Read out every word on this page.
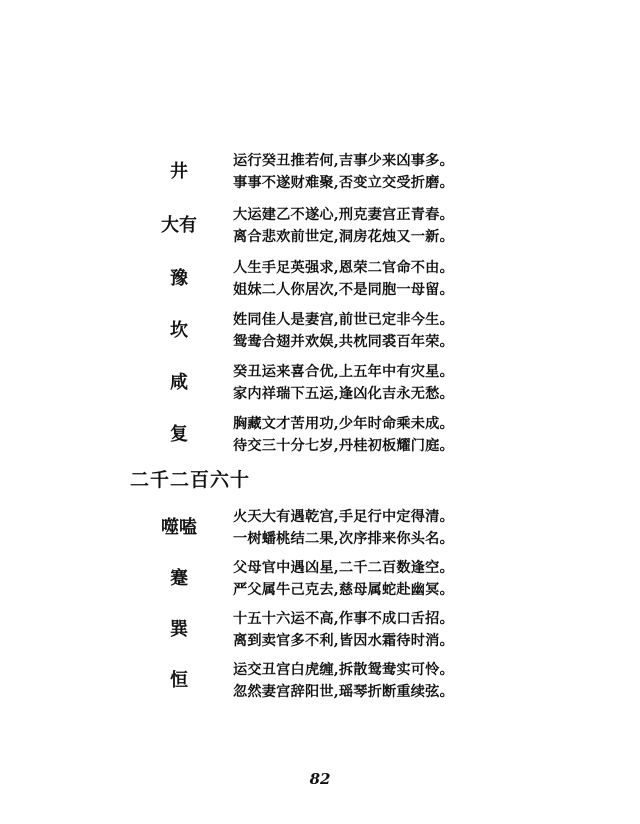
井	运行癸丑推若何,吉事少来凶事多。
事事不遂财难聚,否变立交受折磨。
大有	大运建乙不遂心,刑克妻宫正青春。
离合悲欢前世定,洞房花烛又一新。
豫	人生手足英强求,恩荣二官命不由。
姐妹二人你居次,不是同胞一母留。
坎	姓同佳人是妻宫,前世已定非今生。
鸳鸯合翅并欢娱,共枕同裘百年荣。
咸	癸丑运来喜合优,上五年中有灾星。
家内祥瑞下五运,逢凶化吉永无愁。
复	胸藏文才苦用功,少年时命乘未成。
待交三十分七岁,丹桂初板耀门庭。
二千二百六十
噬嗑	火天大有遇乾宫,手足行中定得清。
一树蟠桃结二果,次序排来你头名。
蹇	父母官中遇凶星,二千二百数逢空。
严父属牛己克去,慈母属蛇赴幽冥。
巽	十五十六运不高,作事不成口舌招。
离到卖官多不利,皆因水霜待时消。
恒	运交丑宫白虎缠,拆散鸳鸯实可怜。
忽然妻宫辞阳世,瑶琴折断重续弦。
82
